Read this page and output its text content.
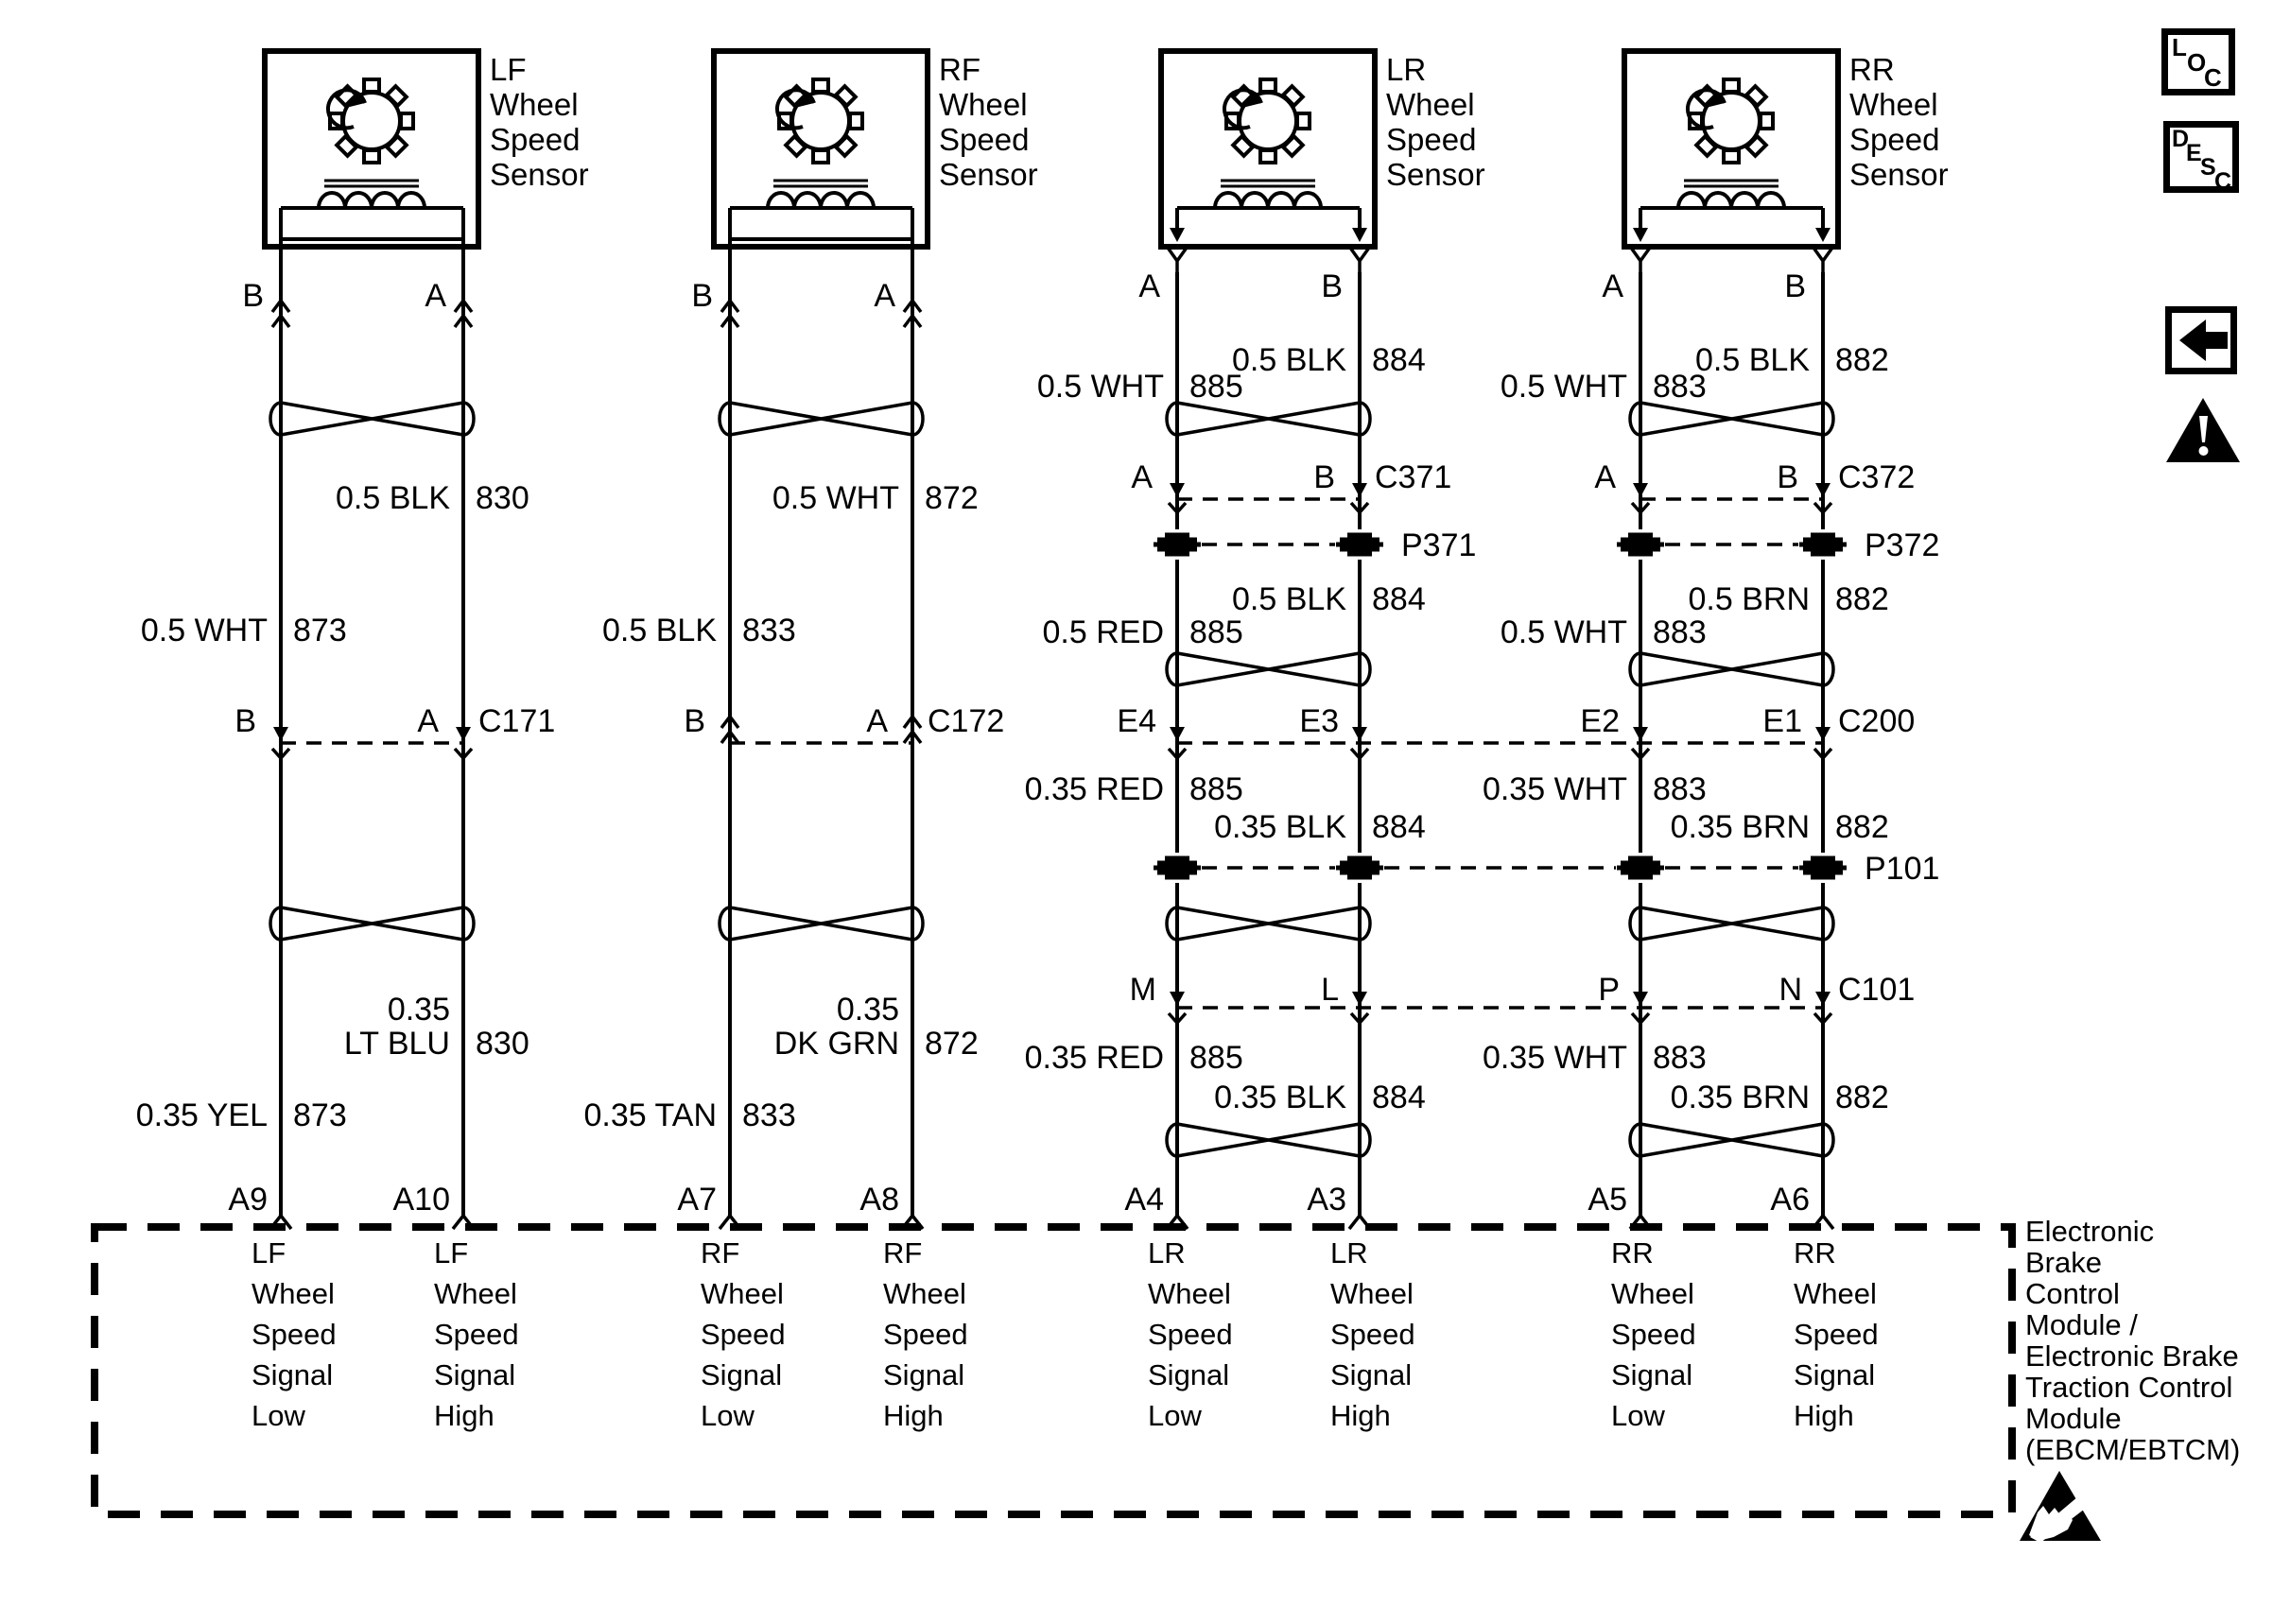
LF
Wheel
Speed
Sensor
RF
Wheel
Speed
Sensor
LR
Wheel
Speed
Sensor
RR
Wheel
Speed
Sensor
B	A	B	A	A	B	A	B
0.5 BLK 884
0.5 WHT 885
0.5 BLK 882
0.5 WHT 883
0.5 BLK 830
0.5 WHT 873
0.5 WHT 872
0.5 BLK 833
A	B C371	A	B C372
P371	P372
0.5 BLK 884
0.5 RED 885
0.5 BRN 882
0.5 WHT 883
B	A C171	B	A C172	E4	E3	E2	E1 C200
0.35 RED 885
0.35 BLK 884
0.35 WHT 883
0.35 BRN 882
P101
M	L	P	N C101
0.35
LT BLU 830
0.35 YEL 873
0.35
DK GRN 872
0.35 TAN 833
0.35 RED 885
0.35 BLK 884
0.35 WHT 883
0.35 BRN 882
A9	A10	A7	A8	A4	A3	A5	A6
LF
Wheel
Speed
Signal
Low
LF
Wheel
Speed
Signal
High
RF
Wheel
Speed
Signal
Low
RF
Wheel
Speed
Signal
High
LR
Wheel
Speed
Signal
Low
LR
Wheel
Speed
Signal
High
RR
Wheel
Speed
Signal
Low
RR
Wheel
Speed
Signal
High
Electronic
Brake
Control
Module /
Electronic Brake
Traction Control
Module
(EBCM/EBTCM)
L
O
C
D
E
S
C
